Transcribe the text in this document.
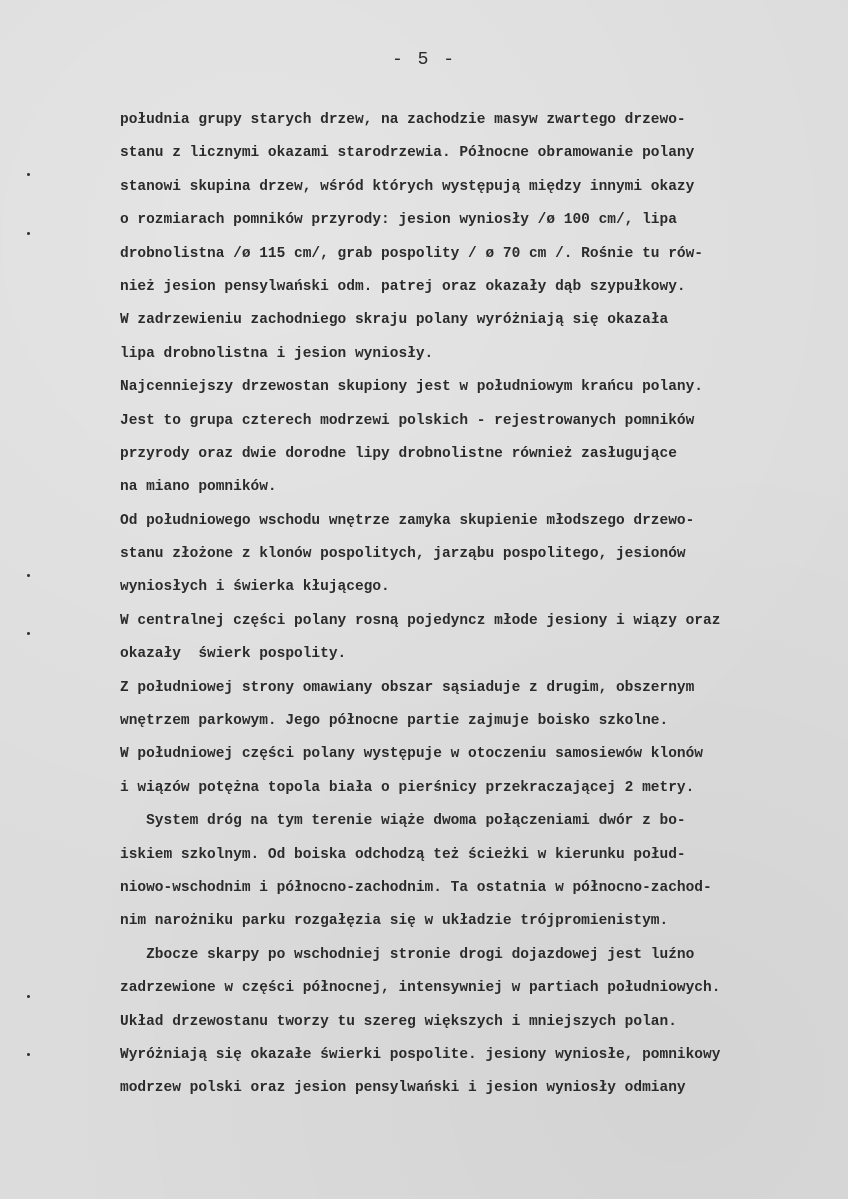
- 5 -
południa grupy starych drzew, na zachodzie masyw zwartego drzewo-
stanu z licznymi okazami starodrzewia. Północne obramowanie polany
stanowi skupina drzew, wśród których występują między innymi okazy
o rozmiarach pomników przyrody: jesion wyniosły /ø 100 cm/, lipa
drobnolistna /ø 115 cm/, grab pospolity / ø 70 cm /. Rośnie tu rów-
nież jesion pensylwański odm. patrej oraz okazały dąb szypułkowy.
W zadrzewieniu zachodniego skraju polany wyróżniają się okazała
lipa drobnolistna i jesion wyniosły.
Najcenniejszy drzewostan skupiony jest w południowym krańcu polany.
Jest to grupa czterech modrzewi polskich - rejestrowanych pomników
przyrody oraz dwie dorodne lipy drobnolistne również zasługujące
na miano pomników.
Od południowego wschodu wnętrze zamyka skupienie młodszego drzewo-
stanu złożone z klonów pospolitych, jarząbu pospolitego, jesionów
wyniosłych i świerka kłującego.
W centralnej części polany rosną pojedyncz młode jesiony i wiązy oraz
okazały  świerk pospolity.
Z południowej strony omawiany obszar sąsiaduje z drugim, obszernym
wnętrzem parkowym. Jego północne partie zajmuje boisko szkolne.
W południowej części polany występuje w otoczeniu samosiewów klonów
i wiązów potężna topola biała o pierśnicy przekraczającej 2 metry.
System dróg na tym terenie wiąże dwoma połączeniami dwór z bo-
iskiem szkolnym. Od boiska odchodzą też ścieżki w kierunku połud-
niowo-wschodnim i północno-zachodnim. Ta ostatnia w północno-zachod-
nim narożniku parku rozgałęzia się w układzie trójpromienistym.
Zbocze skarpy po wschodniej stronie drogi dojazdowej jest luźno
zadrzewione w części północnej, intensywniej w partiach południowych.
Układ drzewostanu tworzy tu szereg większych i mniejszych polan.
Wyróżniają się okazałe świerki pospolite. jesiony wyniosłe, pomnikowy
modrzew polski oraz jesion pensylwański i jesion wyniosły odmiany
